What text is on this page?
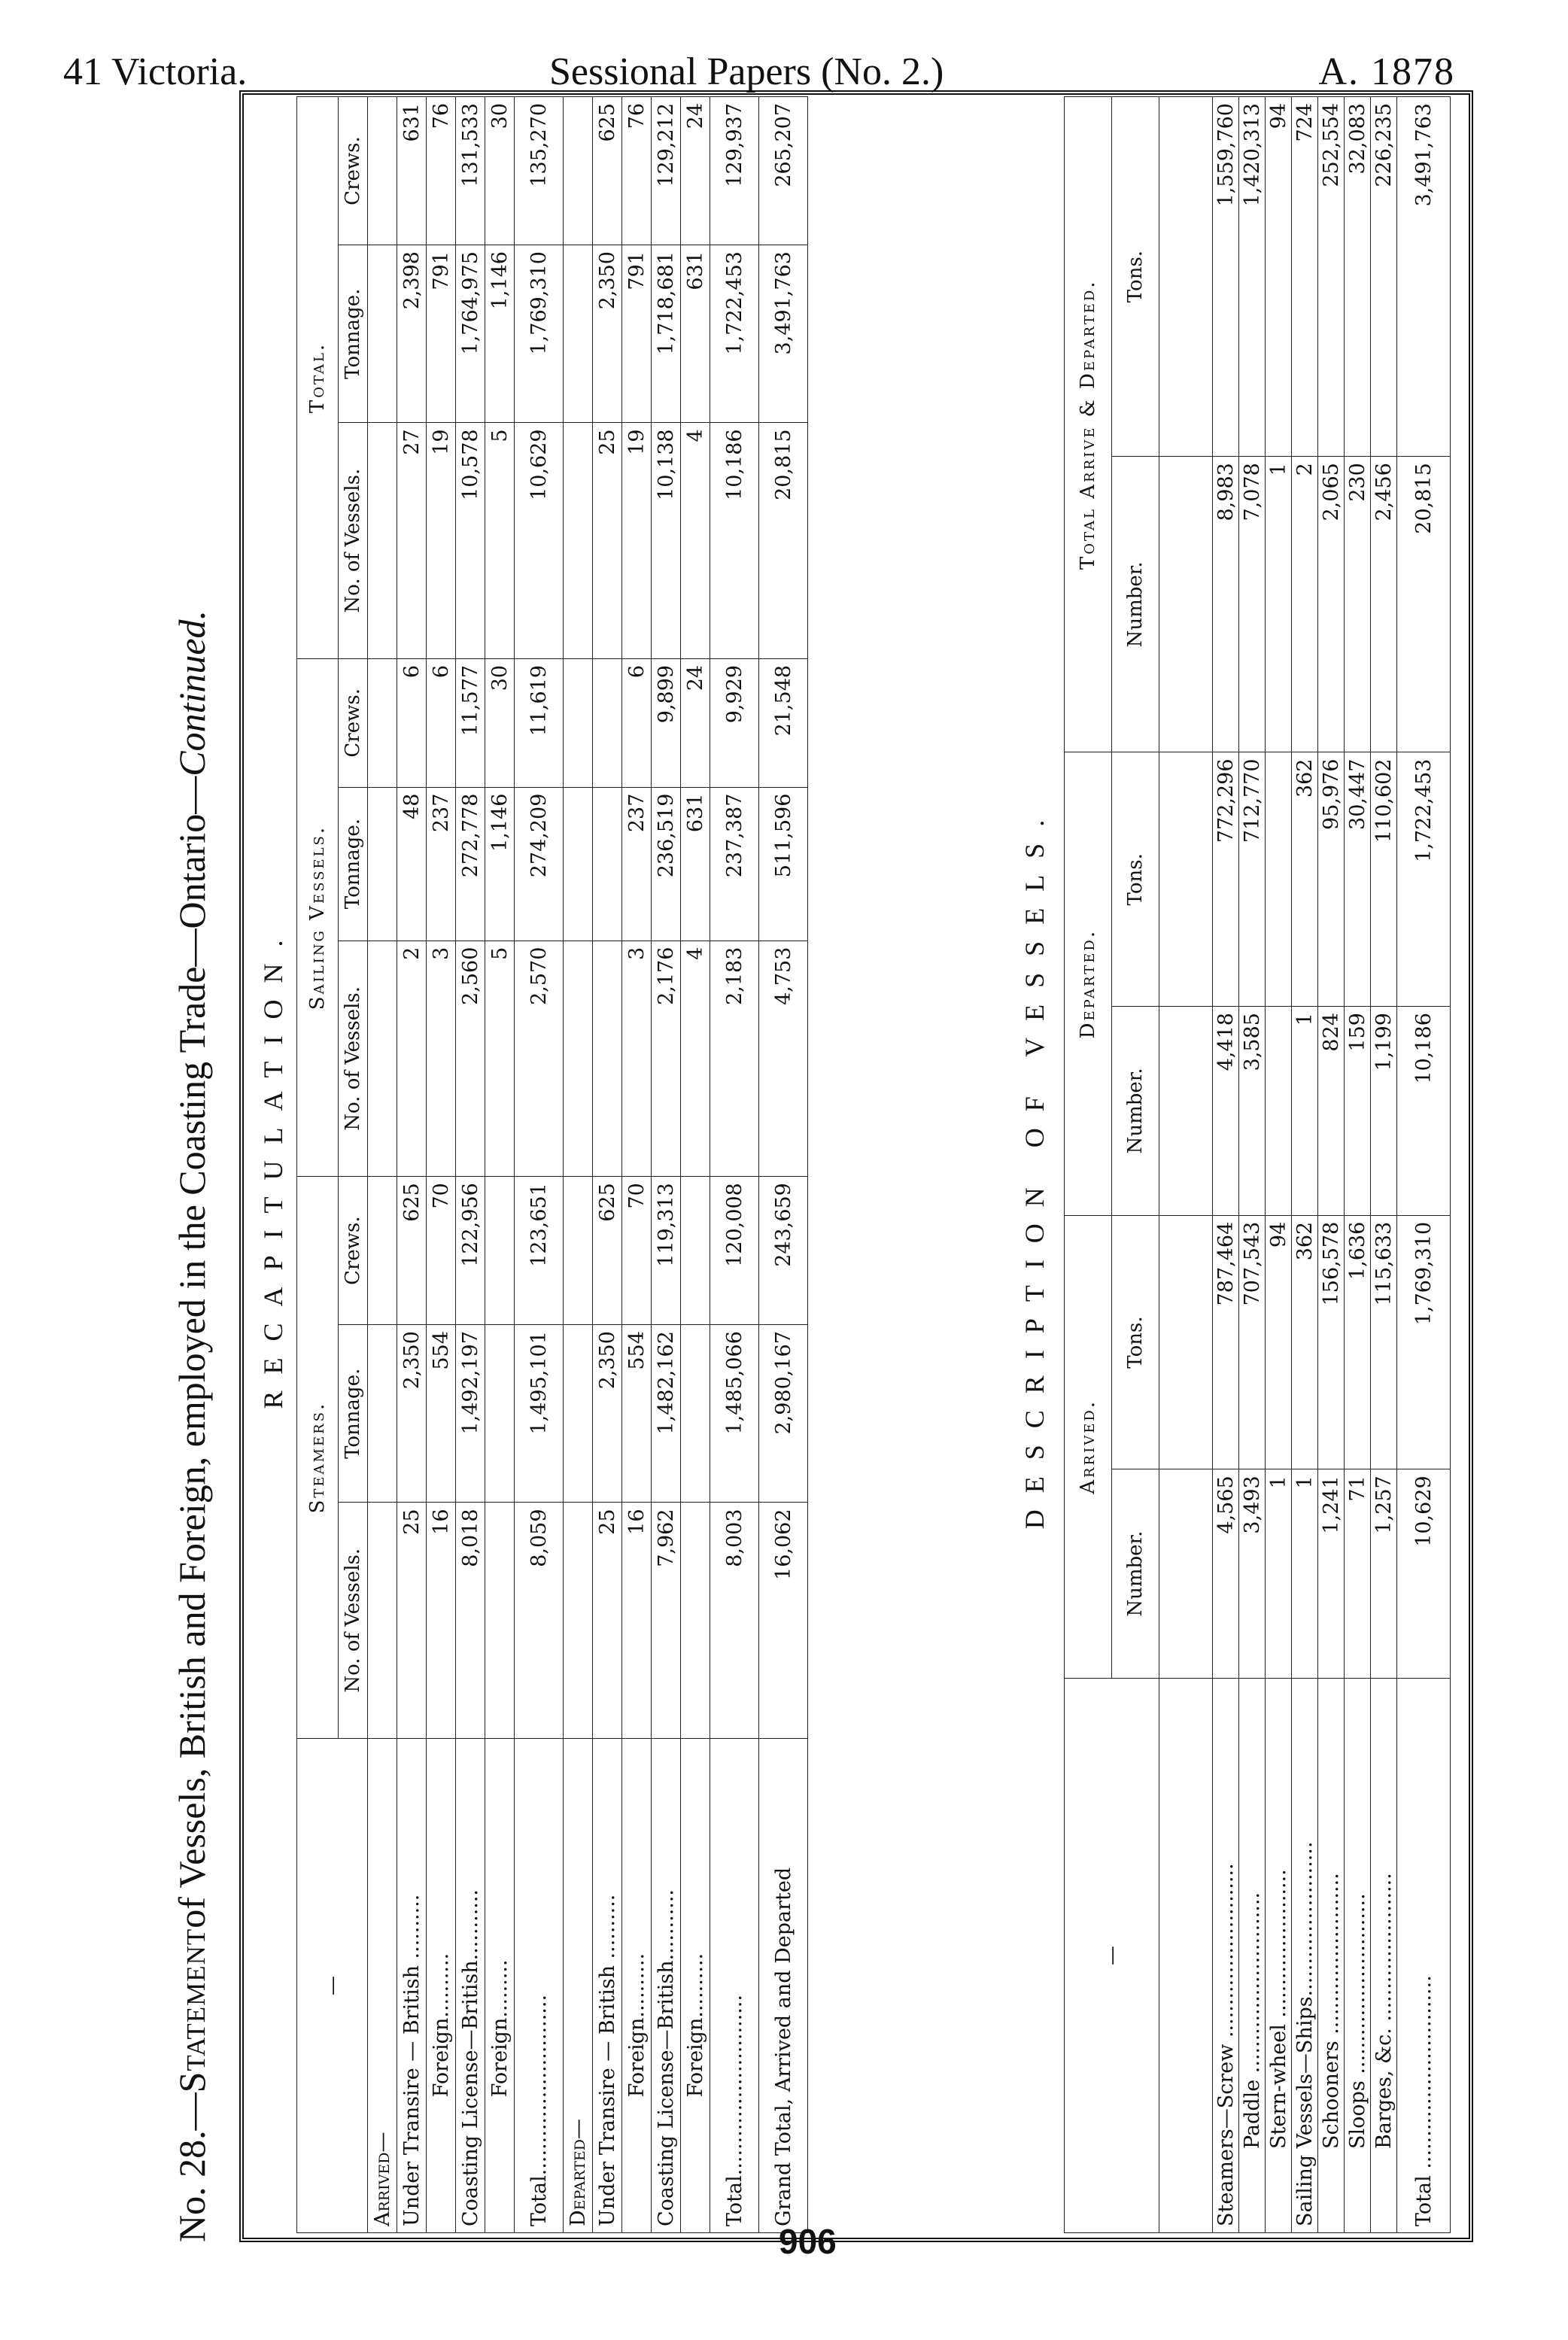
41 Victoria.	Sessional Papers (No. 2.)	A. 1878
No. 28.—
Statement
of Vessels, British and Foreign, employed in the Coasting Trade—Ontario—
Continued.
RECAPITULATION.
—	Steamers.			Sailing Vessels.			Total.		
	No. of Vessels.	Tonnage.	Crews.	No. of Vessels.	Tonnage.	Crews.	No. of Vessels.	Tonnage.	Crews.
Arrived—									
Under Transire — British ..........	25	2,350	625	2	48	6	27	2,398	631
Foreign..........	16	554	70	3	237	6	19	791	76
Coasting License—British...........	8,018	1,492,197	122,956	2,560	272,778	11,577	10,578	1,764,975	131,533
Foreign.........				5	1,146	30	5	1,146	30
Total............................	8,059	1,495,101	123,651	2,570	274,209	11,619	10,629	1,769,310	135,270
Departed—									
Under Transire — British ..........	25	2,350	625				25	2,350	625
Foreign..........	16	554	70	3	237	6	19	791	76
Coasting License—British...........	7,962	1,482,162	119,313	2,176	236,519	9,899	10,138	1,718,681	129,212
Foreign..........				4	631	24	4	631	24
Total............................	8,003	1,485,066	120,008	2,183	237,387	9,929	10,186	1,722,453	129,937
Grand Total, Arrived and Departed	16,062	2,980,167	243,659	4,753	511,596	21,548	20,815	3,491,763	265,207
DESCRIPTION OF VESSELS.
—	Arrived.		Departed.		Total Arrive & Departed.	
	Number.	Tons.	Number.	Tons.	Number.	Tons.

Steamers—Screw ...........................	4,565	787,464	4,418	772,296	8,983	1,559,760
Paddle ............................	3,493	707,543	3,585	712,770	7,078	1,420,313
Stern-wheel .......................	1	94			1	94
Sailing Vessels—Ships........................	1	362	1	362	2	724
Schooners .........................	1,241	156,578	824	95,976	2,065	252,554
Sloops ............................	71	1,636	159	30,447	230	32,083
Barges, &c. .......................	1,257	115,633	1,199	110,602	2,456	226,235
Total ..............................	10,629	1,769,310	10,186	1,722,453	20,815	3,491,763
906
